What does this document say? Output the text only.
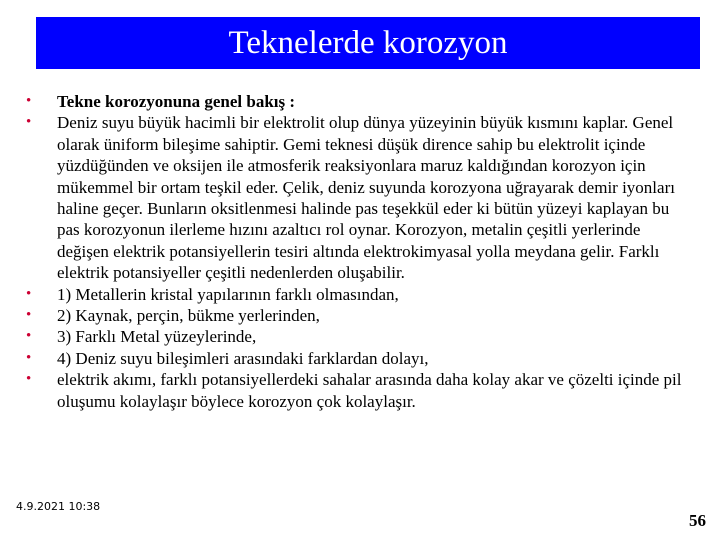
Teknelerde korozyon
•	Tekne korozyonuna genel bakış :
•	Deniz suyu büyük hacimli bir elektrolit olup dünya yüzeyinin büyük kısmını kaplar. Genel olarak üniform bileşime sahiptir. Gemi teknesi düşük dirence sahip bu elektrolit içinde yüzdüğünden ve oksijen ile atmosferik reaksiyonlara maruz kaldığından korozyon için mükemmel bir ortam teşkil eder. Çelik, deniz suyunda korozyona uğrayarak demir iyonları haline geçer. Bunların oksitlenmesi halinde pas teşekkül eder ki bütün yüzeyi kaplayan bu pas korozyonun ilerleme hızını azaltıcı rol oynar. Korozyon, metalin çeşitli yerlerinde değişen elektrik potansiyellerin tesiri altında elektrokimyasal yolla meydana gelir. Farklı elektrik potansiyeller çeşitli nedenlerden oluşabilir.
•	1) Metallerin kristal yapılarının farklı olmasından,
•	2) Kaynak, perçin, bükme yerlerinden,
•	3) Farklı Metal yüzeylerinde,
•	4) Deniz suyu bileşimleri arasındaki farklardan dolayı,
•	elektrik akımı, farklı potansiyellerdeki sahalar arasında daha kolay akar ve çözelti içinde pil oluşumu kolaylaşır böylece korozyon çok kolaylaşır.
4.9.2021 10:38
56
